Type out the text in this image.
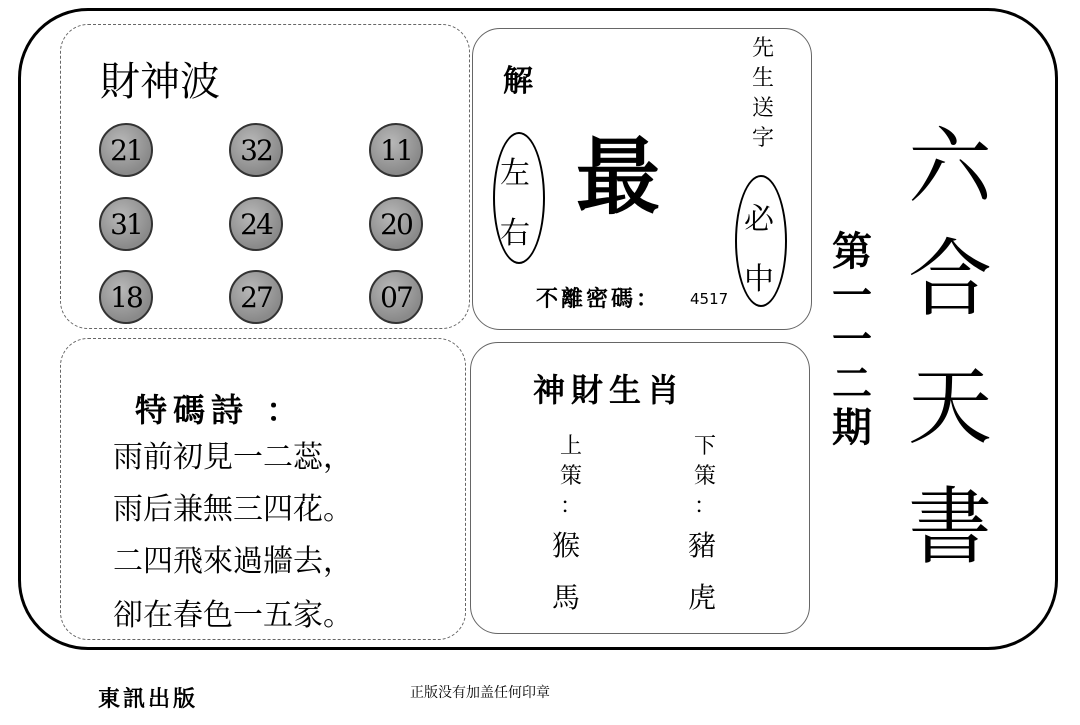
財神波
21	32	11
31	24	20
18	27	07
解
最
左
右
先
生
送
字
必
中
不離密碼： 4517
特碼詩 ：
雨前初見一二蕊，
雨后兼無三四花。
二四飛來過牆去，
卻在春色一五家。
神財生肖
上
策
：
猴
馬
下
策
：
豬
虎
第
一
一
二
期
六
合
天
書
東訊出版	正版没有加盖任何印章
